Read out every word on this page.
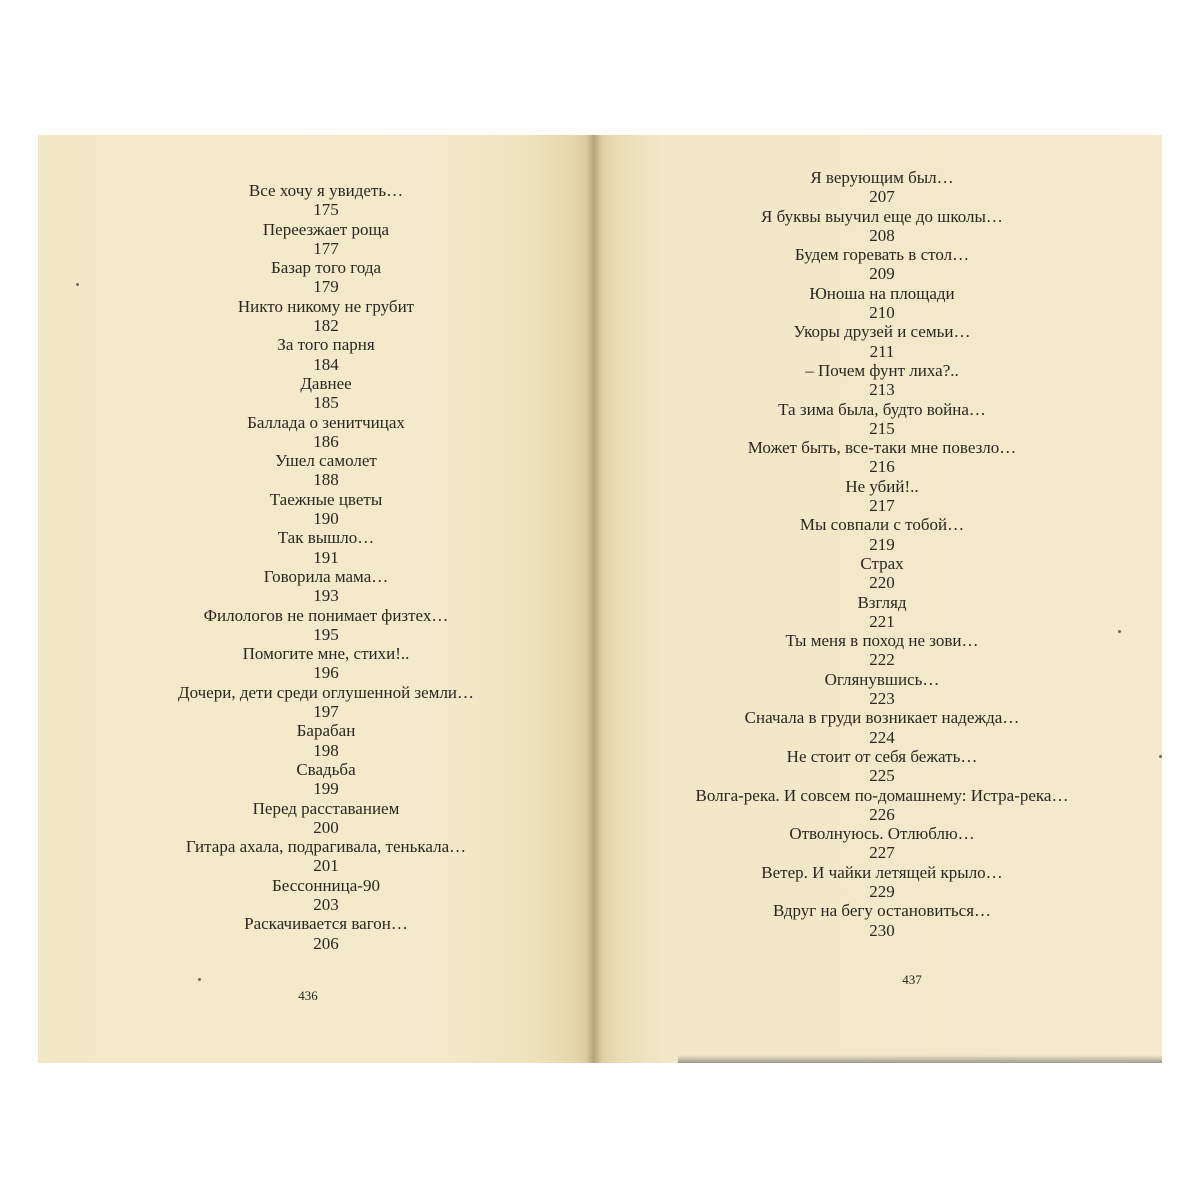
Все хочу я увидеть…
175
Переезжает роща
177
Базар того года
179
Никто никому не грубит
182
За того парня
184
Давнее
185
Баллада о зенитчицах
186
Ушел самолет
188
Таежные цветы
190
Так вышло…
191
Говорила мама…
193
Филологов не понимает физтех…
195
Помогите мне, стихи!..
196
Дочери, дети среди оглушенной земли…
197
Барабан
198
Свадьба
199
Перед расставанием
200
Гитара ахала, подрагивала, тенькала…
201
Бессонница-90
203
Раскачивается вагон…
206
436
Я верующим был…
207
Я буквы выучил еще до школы…
208
Будем горевать в стол…
209
Юноша на площади
210
Укоры друзей и семьи…
211
– Почем фунт лиха?..
213
Та зима была, будто война…
215
Может быть, все-таки мне повезло…
216
Не убий!..
217
Мы совпали с тобой…
219
Страх
220
Взгляд
221
Ты меня в поход не зови…
222
Оглянувшись…
223
Сначала в груди возникает надежда…
224
Не стоит от себя бежать…
225
Волга-река. И совсем по-домашнему: Истра-река…
226
Отволнуюсь. Отлюблю…
227
Ветер. И чайки летящей крыло…
229
Вдруг на бегу остановиться…
230
437
